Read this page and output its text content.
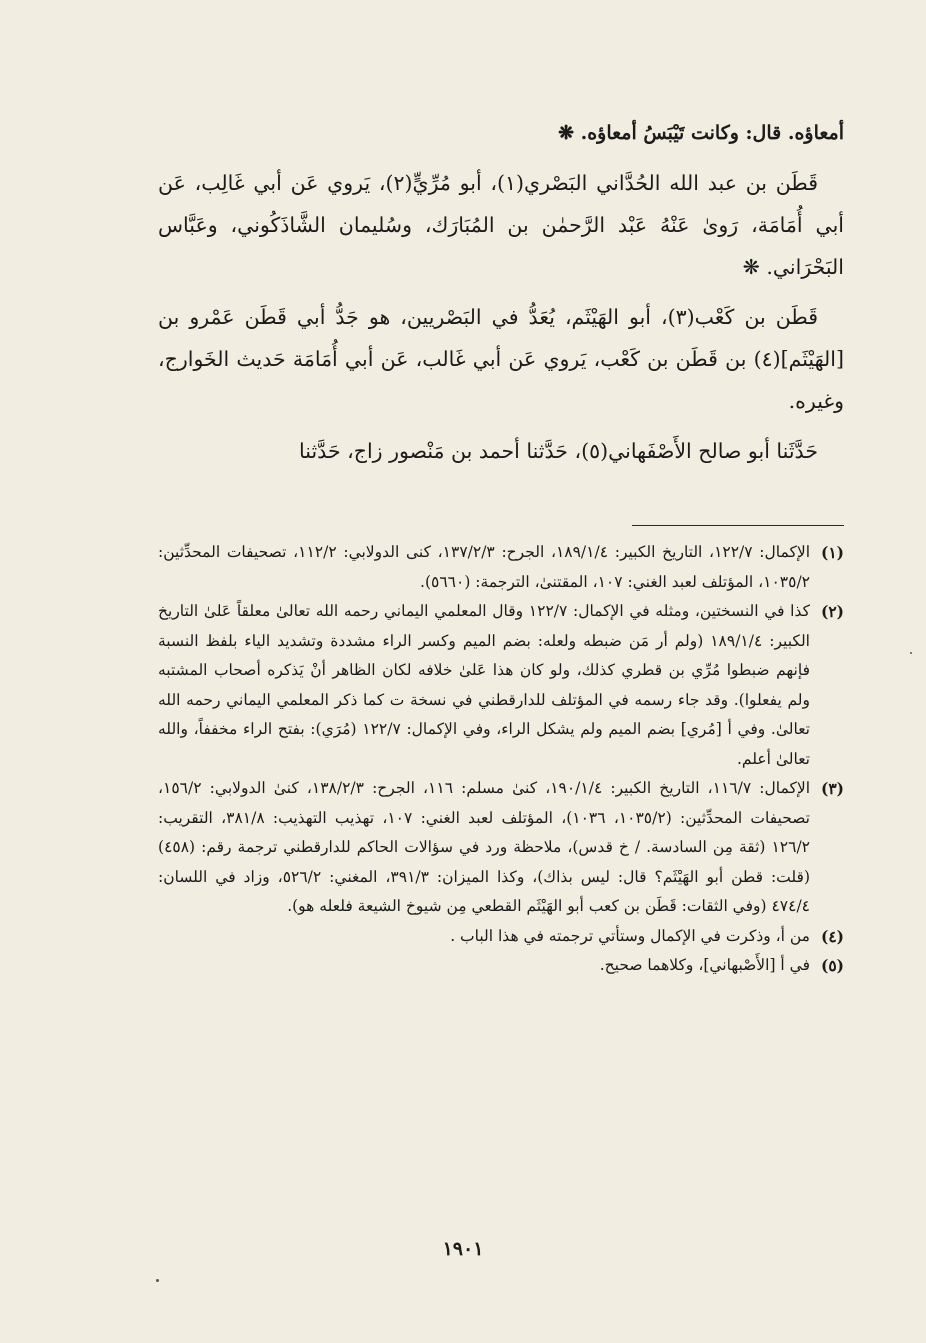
أمعاؤه. قال: وكانت تَيْبَسُ أمعاؤه. ❋

قَطَن بن عبد الله الحُدَّاني البَصْري(١)، أبو مُرِّيٍّ(٢)، يَروي عَن أبي غَالِب، عَن أبي أُمَامَة، رَوىٰ عَنْهُ عَبْد الرَّحمٰن بن المُبَارَك، وسُليمان الشَّاذَكُوني، وعَبَّاس البَحْرَاني. ❋

قَطَن بن كَعْب(٣)، أبو الهَيْثَم، يُعَدُّ في البَصْريين، هو جَدُّ أبي قَطَن عَمْرو بن [الهَيْثَم](٤) بن قَطَن بن كَعْب، يَروي عَن أبي غَالب، عَن أبي أُمَامَة حَديث الخَوارج، وغيره.

حَدَّثَنا أبو صالح الأَصْفَهاني(٥)، حَدَّثنا أحمد بن مَنْصور زاج، حَدَّثنا

(١)
الإكمال: ١٢٢/٧، التاريخ الكبير: ١٨٩/١/٤، الجرح: ١٣٧/٢/٣، كنى الدولابي: ١١٢/٢، تصحيفات المحدِّثين: ١٠٣٥/٢، المؤتلف لعبد الغني: ١٠٧، المقتنىٰ، الترجمة: (٥٦٦٠).
(٢)
كذا في النسختين، ومثله في الإكمال: ١٢٢/٧ وقال المعلمي اليماني رحمه الله تعالىٰ معلقاً عَلىٰ التاريخ الكبير: ١٨٩/١/٤ (ولم أر مَن ضبطه ولعله: بضم الميم وكسر الراء مشددة وتشديد الياء بلفظ النسبة فإنهم ضبطوا مُرِّي بن قطري كذلك، ولو كان هذا عَلىٰ خلافه لكان الظاهر أنْ يَذكره أصحاب المشتبه ولم يفعلوا). وقد جاء رسمه في المؤتلف للدارقطني في نسخة ت كما ذكر المعلمي اليماني رحمه الله تعالىٰ. وفي أ [مُري] بضم الميم ولم يشكل الراء، وفي الإكمال: ١٢٢/٧ (مُرَي): بفتح الراء مخففاً، والله تعالىٰ أعلم.
(٣)
الإكمال: ١١٦/٧، التاريخ الكبير: ١٩٠/١/٤، كنىٰ مسلم: ١١٦، الجرح: ١٣٨/٢/٣، كنىٰ الدولابي: ١٥٦/٢، تصحيفات المحدِّثين: (١٠٣٥/٢، ١٠٣٦)، المؤتلف لعبد الغني: ١٠٧، تهذيب التهذيب: ٣٨١/٨، التقريب: ١٢٦/٢ (ثقة مِن السادسة. / خ قدس)، ملاحظة ورد في سؤالات الحاكم للدارقطني ترجمة رقم: (٤٥٨) (قلت: قطن أبو الهَيْثَم؟ قال: ليس بذاك)، وكذا الميزان: ٣٩١/٣، المغني: ٥٢٦/٢، وزاد في اللسان: ٤٧٤/٤ (وفي الثقات: قَطَن بن كعب أبو الهَيْثَم القطعي مِن شيوخ الشيعة فلعله هو).
(٤)
من أ، وذكرت في الإكمال وستأتي ترجمته في هذا الباب .
(٥)
في أ [الأَصْبهاني]، وكلاهما صحيح.
١٩٠١
